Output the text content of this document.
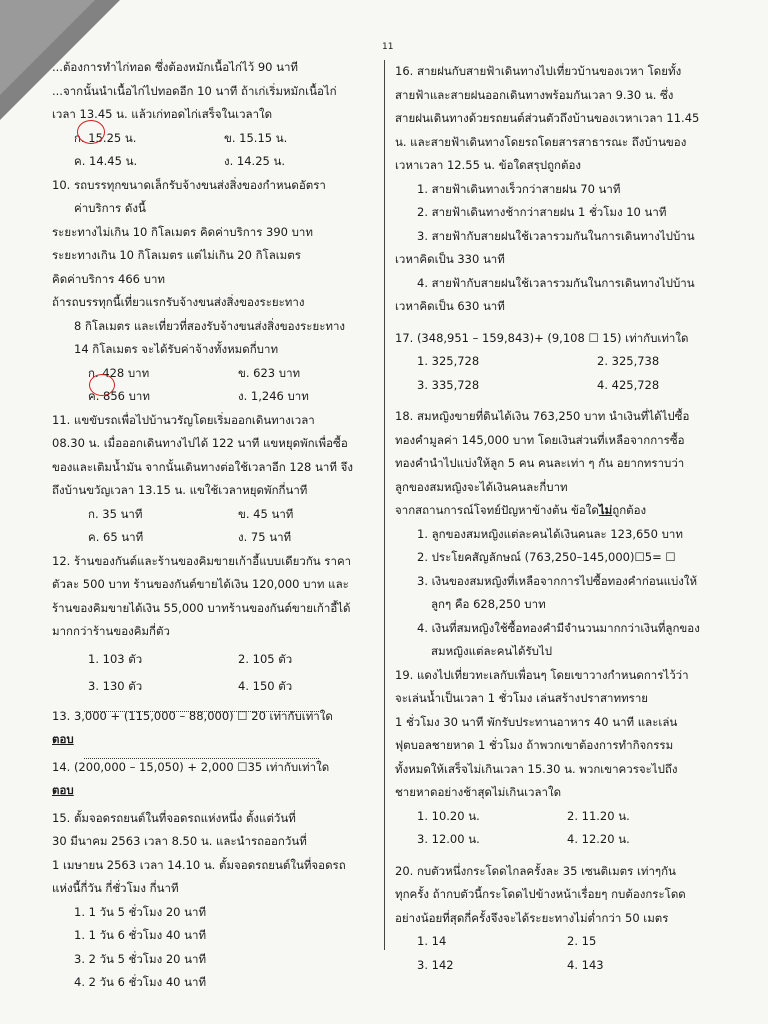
11

...ต้องการทำไก่ทอด ซึ่งต้องหมักเนื้อไก่ไว้ 90 นาที

...จากนั้นนำเนื้อไก่ไปทอดอีก 10 นาที ถ้าเก่เริ่มหมักเนื้อไก่

เวลา 13.45 น. แล้วเก่ทอดไก่เสร็จในเวลาใด

ก. 15.25 น.	ข. 15.15 น.

ค. 14.45 น.	ง. 14.25 น.

10. รถบรรทุกขนาดเล็กรับจ้างขนส่งสิ่งของกำหนดอัตรา

ค่าบริการ ดังนี้

ระยะทางไม่เกิน 10 กิโลเมตร คิดค่าบริการ 390 บาท

ระยะทางเกิน 10 กิโลเมตร แต่ไม่เกิน 20 กิโลเมตร

คิดค่าบริการ 466 บาท

ถ้ารถบรรทุกนี้เที่ยวแรกรับจ้างขนส่งสิ่งของระยะทาง

8 กิโลเมตร และเที่ยวที่สองรับจ้างขนส่งสิ่งของระยะทาง

14 กิโลเมตร จะได้รับค่าจ้างทั้งหมดกี่บาท

ก. 428 บาท	ข. 623 บาท

ค. 856 บาท	ง. 1,246 บาท

11. แขขับรถเพื่อไปบ้านวรัญโดยเริ่มออกเดินทางเวลา

08.30 น. เมื่อออกเดินทางไปได้ 122 นาที แขหยุดพักเพื่อซื้อ

ของและเติมน้ำมัน จากนั้นเดินทางต่อใช้เวลาอีก 128 นาที จึง

ถึงบ้านขวัญเวลา 13.15 น. แขใช้เวลาหยุดพักกี่นาที

ก. 35 นาที	ข. 45 นาที

ค. 65 นาที	ง. 75 นาที

12. ร้านของกันต์และร้านของคิมขายเก้าอี้แบบเดียวกัน ราคา

ตัวละ 500 บาท ร้านของกันต์ขายได้เงิน 120,000 บาท และ

ร้านของคิมขายได้เงิน 55,000 บาทร้านของกันต์ขายเก้าอี้ได้

มากกว่าร้านของคิมกี่ตัว

1. 103 ตัว	2. 105 ตัว

3. 130 ตัว	4. 150 ตัว

13. 3,000 + (115,000 – 88,000) ☐ 20 เท่ากับเท่าใด

ตอบ

14. (200,000 – 15,050) + 2,000 ☐35 เท่ากับเท่าใด

ตอบ

15. ตั้มจอดรถยนต์ในที่จอดรถแห่งหนึ่ง ตั้งแต่วันที่

30 มีนาคม 2563 เวลา 8.50 น. และนำรถออกวันที่

1 เมษายน 2563 เวลา 14.10 น. ตั้มจอดรถยนต์ในที่จอดรถ

แห่งนี้กี่วัน กี่ชั่วโมง กี่นาที

1. 1 วัน 5 ชั่วโมง 20 นาที

1. 1 วัน 6 ชั่วโมง 40 นาที

3. 2 วัน 5 ชั่วโมง 20 นาที

4. 2 วัน 6 ชั่วโมง 40 นาที

16. สายฝนกับสายฟ้าเดินทางไปเที่ยวบ้านของเวหา โดยทั้ง

สายฟ้าและสายฝนออกเดินทางพร้อมกันเวลา 9.30 น. ซึ่ง

สายฝนเดินทางด้วยรถยนต์ส่วนตัวถึงบ้านของเวหาเวลา 11.45

น. และสายฟ้าเดินทางโดยรถโดยสารสาธารณะ ถึงบ้านของ

เวหาเวลา 12.55 น. ข้อใดสรุปถูกต้อง

1. สายฟ้าเดินทางเร็วกว่าสายฝน 70 นาที

2. สายฟ้าเดินทางช้ากว่าสายฝน 1 ชั่วโมง 10 นาที

3. สายฟ้ากับสายฝนใช้เวลารวมกันในการเดินทางไปบ้าน

เวหาคิดเป็น 330 นาที

4. สายฟ้ากับสายฝนใช้เวลารวมกันในการเดินทางไปบ้าน

เวหาคิดเป็น 630 นาที

17. (348,951 – 159,843)+ (9,108 ☐ 15) เท่ากับเท่าใด

1. 325,728	2. 325,738

3. 335,728	4. 425,728

18. สมหญิงขายที่ดินได้เงิน 763,250 บาท นำเงินที่ได้ไปซื้อ

ทองคำมูลค่า 145,000 บาท โดยเงินส่วนที่เหลือจากการซื้อ

ทองคำนำไปแบ่งให้ลูก 5 คน คนละเท่า ๆ กัน อยากทราบว่า

ลูกของสมหญิงจะได้เงินคนละกี่บาท

จากสถานการณ์โจทย์ปัญหาข้างต้น ข้อใดไม่ถูกต้อง

1. ลูกของสมหญิงแต่ละคนได้เงินคนละ 123,650 บาท

2. ประโยคสัญลักษณ์ (763,250–145,000)☐5= ☐

3. เงินของสมหญิงที่เหลือจากการไปซื้อทองคำก่อนแบ่งให้

ลูกๆ คือ 628,250 บาท

4. เงินที่สมหญิงใช้ซื้อทองคำมีจำนวนมากกว่าเงินที่ลูกของ

สมหญิงแต่ละคนได้รับไป

19. แดงไปเที่ยวทะเลกับเพื่อนๆ โดยเขาวางกำหนดการไว้ว่า

จะเล่นน้ำเป็นเวลา 1 ชั่วโมง เล่นสร้างปราสาททราย

1 ชั่วโมง 30 นาที พักรับประทานอาหาร 40 นาที และเล่น

ฟุตบอลชายหาด 1 ชั่วโมง ถ้าพวกเขาต้องการทำกิจกรรม

ทั้งหมดให้เสร็จไม่เกินเวลา 15.30 น. พวกเขาควรจะไปถึง

ชายหาดอย่างช้าสุดไม่เกินเวลาใด

1. 10.20 น.	2. 11.20 น.

3. 12.00 น.	4. 12.20 น.

20. กบตัวหนึ่งกระโดดไกลครั้งละ 35 เซนติเมตร เท่าๆกัน

ทุกครั้ง ถ้ากบตัวนี้กระโดดไปข้างหน้าเรื่อยๆ กบต้องกระโดด

อย่างน้อยที่สุดกี่ครั้งจึงจะได้ระยะทางไม่ต่ำกว่า 50 เมตร

1. 14	2. 15

3. 142	4. 143
